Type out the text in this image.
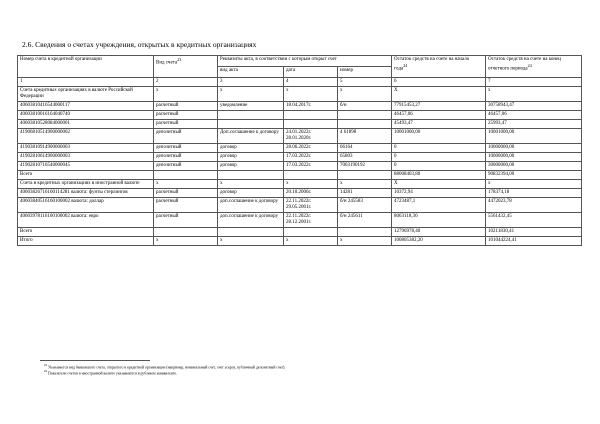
2.6. Сведения о счетах учреждения, открытых в кредитных организациях
Номер счета в кредитной организации	Вид счета$^{23}$	Реквизиты акта, в соответствии с которым открыт счет			Остаток средств на счете на начало года$^{24}$	Остаток средств на счете на конец отчетного периода$^{24}$
		вид акта	дата	номер		
1	2	3	4	5	6	7
Счета кредитных организациях в валюте Российской Федерации	х	х	х	х	Х	х
40603810416544000117	расчетный	уведомление	18.04.2017г.	б/н	77915453,27	30758943,47
40603810016164040740	расчетный				46457,06	46457,06
40603810528084000001	расчетный				45493,47	25993,47
41906810514900000002	депозитный	Доп.соглашение к договору	24.01.2022г. 28.01.2020г.	4 61898	10001000,00	10001000,00
41903810914900000003	депозитный	договор	28.06.2022г.	66164	0	10000000,00
41902810614900000003	депозитный	договор	17.03.2022г.	65803	0	10000000,00
41902810716540000045	депозитный	договор	17.03.2022г.	7003190192	0	30000000,00
Всего					88008403,80	90832394,00
Счета в кредитных организациях в иностранной валюте	х	х	х	х	Х	х
40603826716160114281 валюта: фунты стерлингов	расчетный	договор	20.10.2006г.	14281	10372,94	178374,18
40603840516160100002 валюта: доллар	расчетный	доп.соглашение к договору	22.11.2022г. 29.05.2001г.	б/н 245583	4723487,1	4472023,78
40603978116160100002 валюта: евро	расчетный	доп.соглашение к договору	22.11.2022г. 28.12.2001г.	б/н 245611	8063118,36	5561432,45
Всего					12796978,40	10211830,41
Итого	х	х	х	х	100805382,20	101044224,41
$^{23}$ Указывается вид банковского счета, открытого в кредитной организации (например, номинальный счет, счет эскроу, публичный депозитный счет).
$^{24}$ Показатели счетов в иностранной валюте указываются в рублевом эквиваленте.
